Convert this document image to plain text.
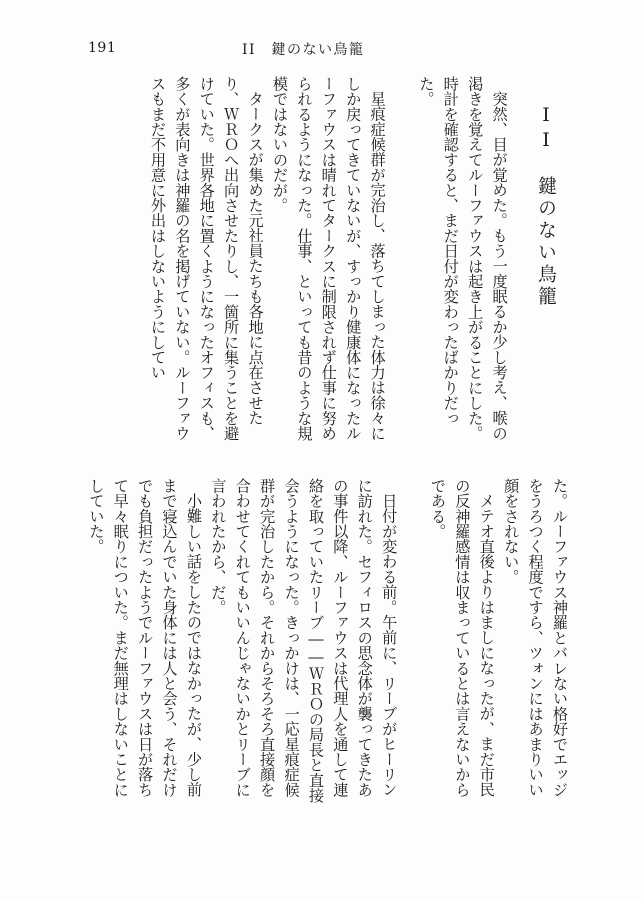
191	II　鍵のない鳥籠
II　鍵のない鳥籠

突然、目が覚めた。もう一度眠るか少し考え、喉の渇きを覚えてルーファウスは起き上がることにした。時計を確認すると、まだ日付が変わったばかりだった。

星痕症候群が完治し、落ちてしまった体力は徐々にしか戻ってきていないが、すっかり健康体になったルーファウスは晴れてタークスに制限されず仕事に努められるようになった。仕事、といっても昔のような規模ではないのだが。

タークスが集めた元社員たちも各地に点在させたり、ＷＲＯへ出向させたりし、一箇所に集うことを避けていた。世界各地に置くようになったオフィスも、多くが表向きは神羅の名を掲げていない。ルーファウスもまだ不用意に外出はしないようにしてい

た。ルーファウス神羅とバレない格好でエッジをうろつく程度ですら、ツォンにはあまりいい顔をされない。

メテオ直後よりはましになったが、まだ市民の反神羅感情は収まっているとは言えないからである。

日付が変わる前。午前に、リーブがヒーリンに訪れた。セフィロスの思念体が襲ってきたあの事件以降、ルーファウスは代理人を通して連絡を取っていたリーブ――ＷＲＯの局長と直接会うようになった。きっかけは、一応星痕症候群が完治したから。それからそろそろ直接顔を合わせてくれてもいいんじゃないかとリーブに言われたから、だ。

小難しい話をしたのではなかったが、少し前まで寝込んでいた身体には人と会う、それだけでも負担だったようでルーファウスは日が落ちて早々眠りについた。まだ無理はしないことにしていた。
